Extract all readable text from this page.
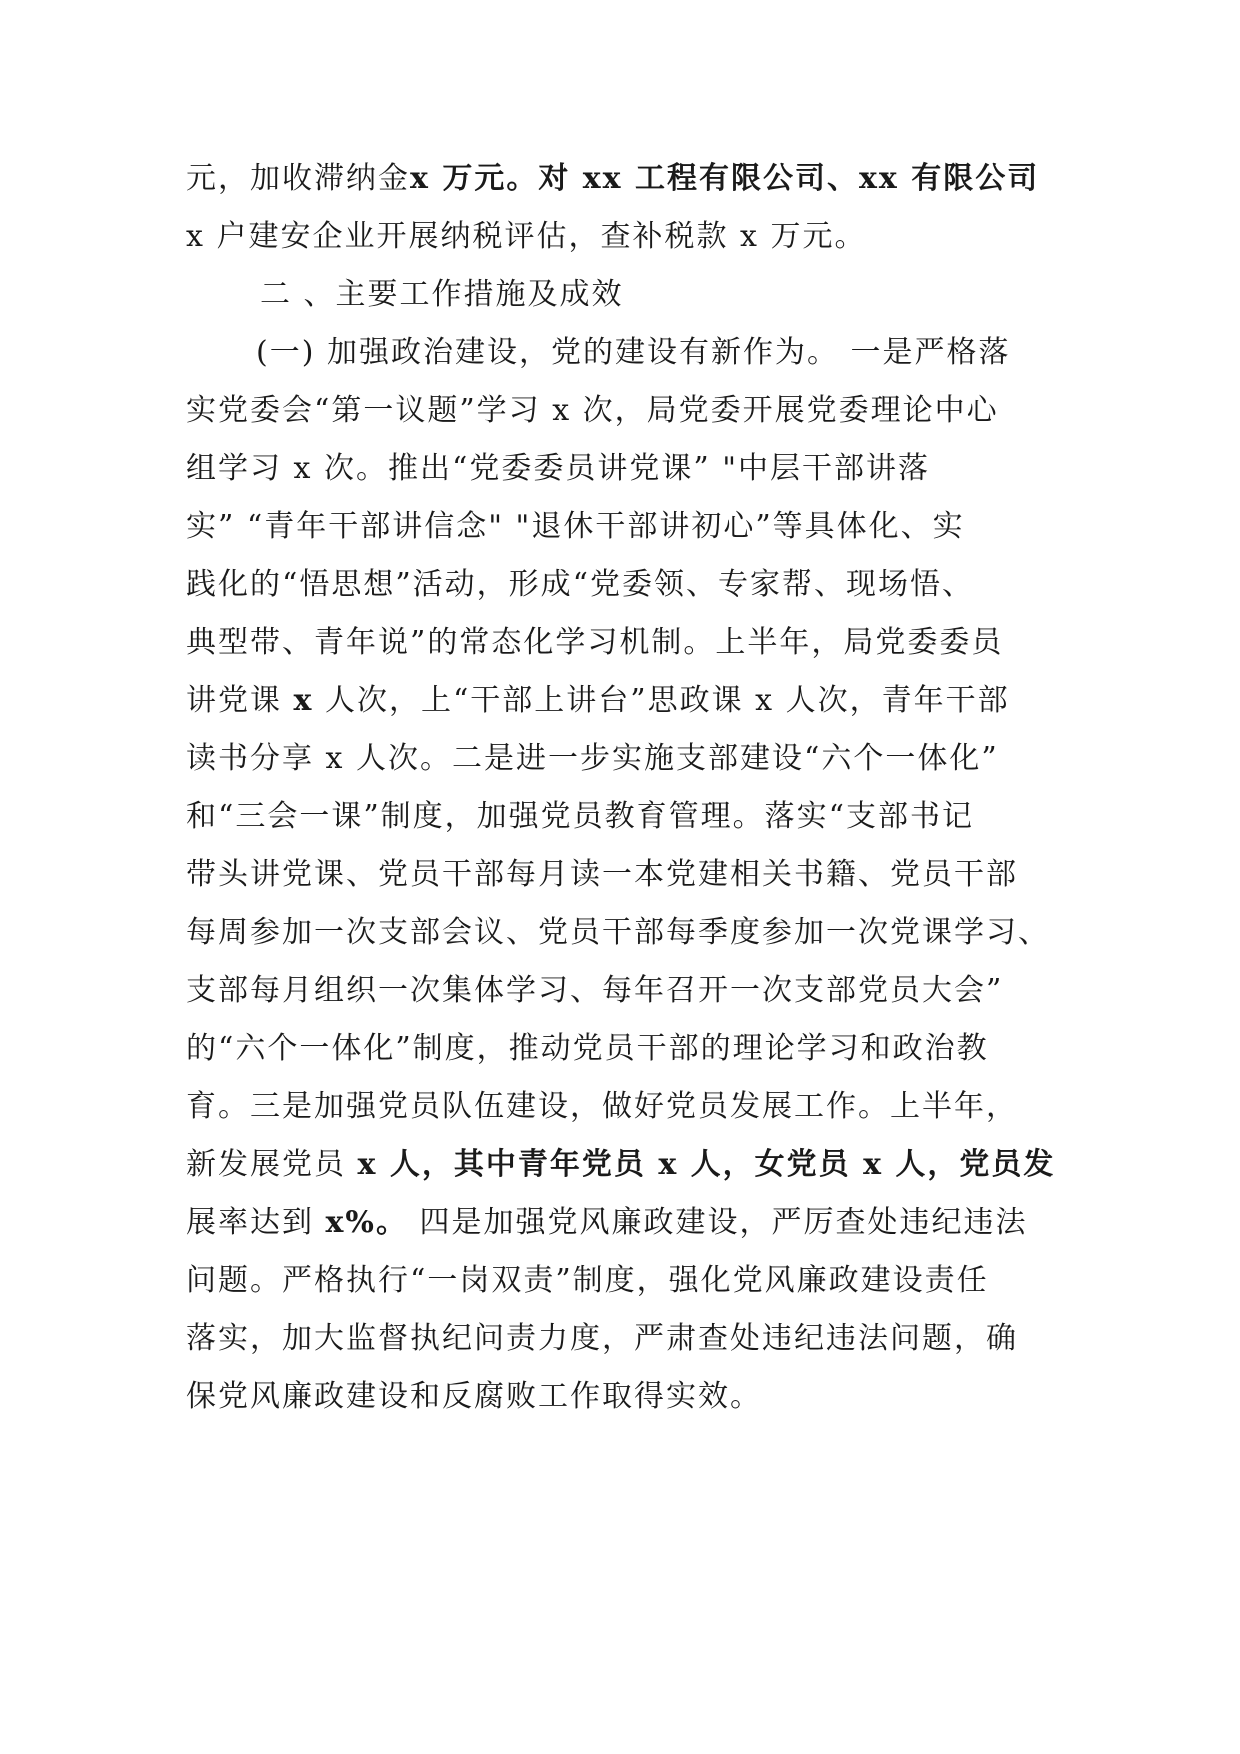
元，加收滞纳金x 万元。对 xx 工程有限公司、xx 有限公司
x 户建安企业开展纳税评估，查补税款 x 万元。
二 、主要工作措施及成效
(一) 加强政治建设，党的建设有新作为。 一是严格落
实党委会“第一议题”学习 x 次，局党委开展党委理论中心
组学习 x 次。推出“党委委员讲党课” "中层干部讲落
实” “青年干部讲信念" "退休干部讲初心”等具体化、实
践化的“悟思想”活动，形成“党委领、专家帮、现场悟、
典型带、青年说”的常态化学习机制。上半年，局党委委员
讲党课 x 人次，上“干部上讲台”思政课 x 人次，青年干部
读书分享 x 人次。二是进一步实施支部建设“六个一体化”
和“三会一课”制度，加强党员教育管理。落实“支部书记
带头讲党课、党员干部每月读一本党建相关书籍、党员干部
每周参加一次支部会议、党员干部每季度参加一次党课学习、
支部每月组织一次集体学习、每年召开一次支部党员大会”
的“六个一体化”制度，推动党员干部的理论学习和政治教
育。三是加强党员队伍建设，做好党员发展工作。上半年，
新发展党员 x 人，其中青年党员 x 人，女党员 x 人，党员发
展率达到 x%。 四是加强党风廉政建设，严厉查处违纪违法
问题。严格执行“一岗双责”制度，强化党风廉政建设责任
落实，加大监督执纪问责力度，严肃查处违纪违法问题，确
保党风廉政建设和反腐败工作取得实效。
